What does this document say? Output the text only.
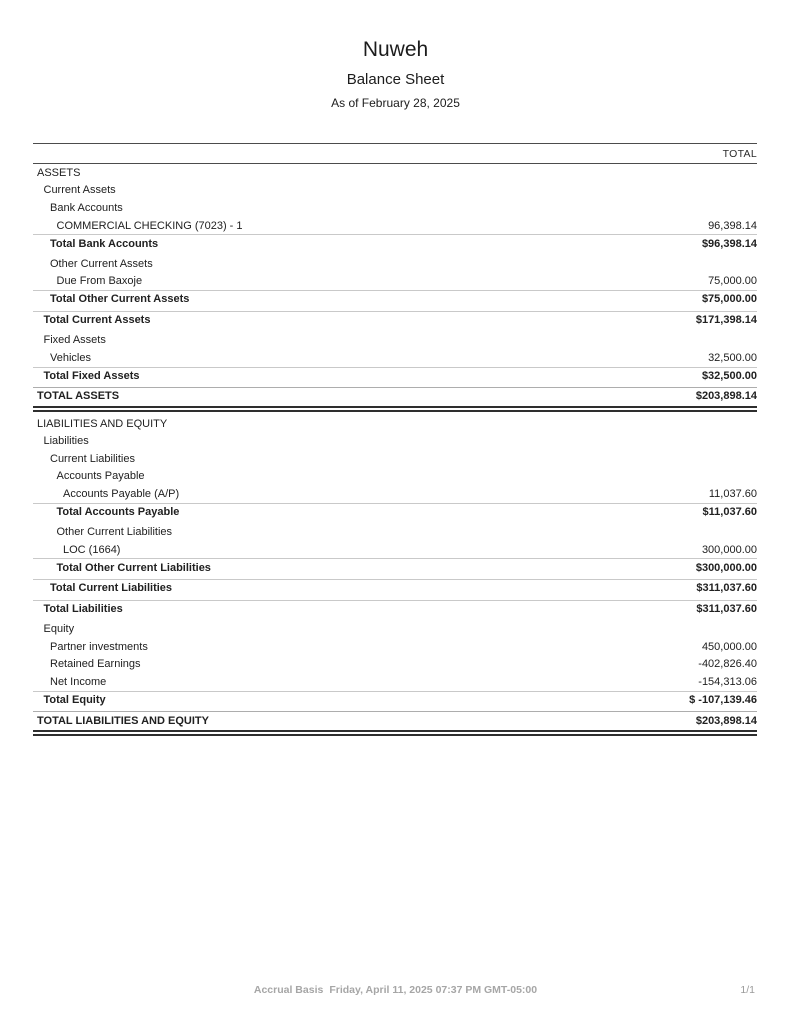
Nuweh
Balance Sheet
As of February 28, 2025
TOTAL
ASSETS
Current Assets
Bank Accounts
COMMERCIAL CHECKING (7023) - 1	96,398.14
Total Bank Accounts	$96,398.14
Other Current Assets
Due From Baxoje	75,000.00
Total Other Current Assets	$75,000.00
Total Current Assets	$171,398.14
Fixed Assets
Vehicles	32,500.00
Total Fixed Assets	$32,500.00
TOTAL ASSETS	$203,898.14
LIABILITIES AND EQUITY
Liabilities
Current Liabilities
Accounts Payable
Accounts Payable (A/P)	11,037.60
Total Accounts Payable	$11,037.60
Other Current Liabilities
LOC (1664)	300,000.00
Total Other Current Liabilities	$300,000.00
Total Current Liabilities	$311,037.60
Total Liabilities	$311,037.60
Equity
Partner investments	450,000.00
Retained Earnings	-402,826.40
Net Income	-154,313.06
Total Equity	$ -107,139.46
TOTAL LIABILITIES AND EQUITY	$203,898.14
Accrual Basis Friday, April 11, 2025 07:37 PM GMT-05:00	1/1
